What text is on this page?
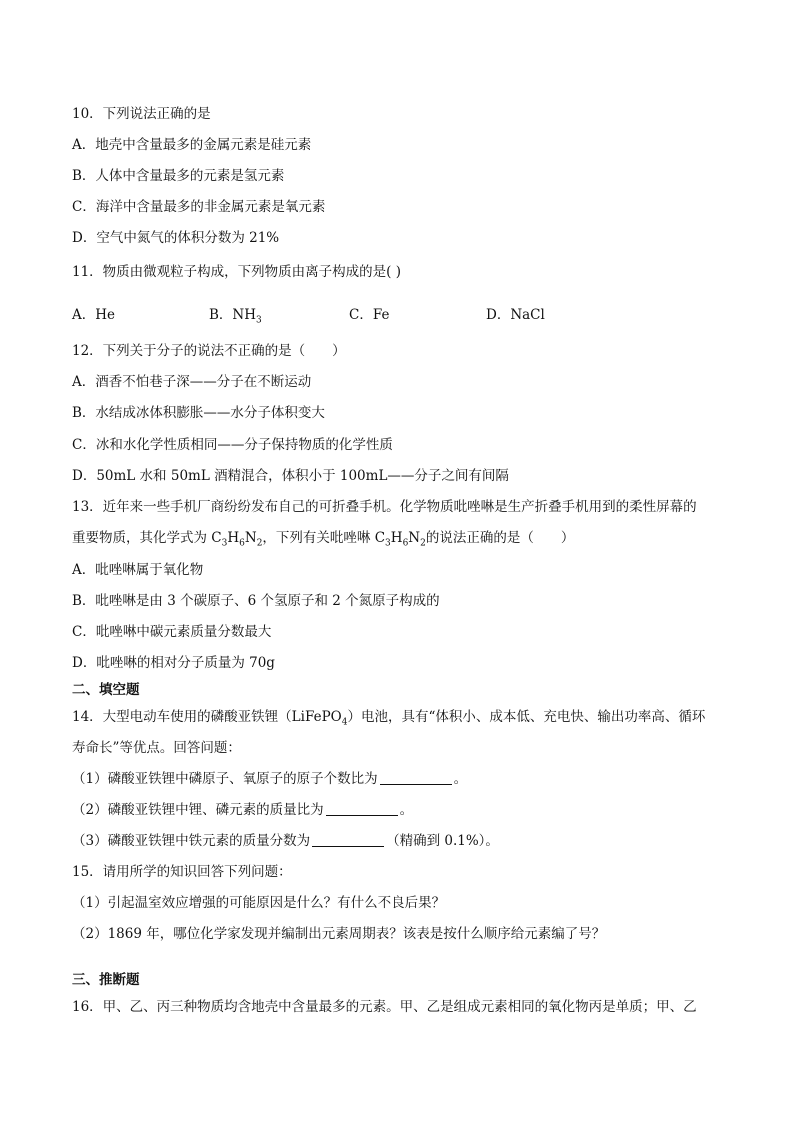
10．下列说法正确的是
A．地壳中含量最多的金属元素是硅元素
B．人体中含量最多的元素是氢元素
C．海洋中含量最多的非金属元素是氧元素
D．空气中氮气的体积分数为 21%
11．物质由微观粒子构成，下列物质由离子构成的是( )
A．He	B．$NH_3$	C．Fe	D．NaCl
12．下列关于分子的说法不正确的是（　　）
A．酒香不怕巷子深——分子在不断运动
B．水结成冰体积膨胀——水分子体积变大
C．冰和水化学性质相同——分子保持物质的化学性质
D．50mL 水和 50mL 酒精混合，体积小于 100mL——分子之间有间隔
13．近年来一些手机厂商纷纷发布自己的可折叠手机。化学物质吡唑啉是生产折叠手机用到的柔性屏幕的
重要物质，其化学式为 $C_3H_6N_2$，下列有关吡唑啉 $C_3H_6N_2$的说法正确的是（　　）
A．吡唑啉属于氧化物
B．吡唑啉是由 3 个碳原子、6 个氢原子和 2 个氮原子构成的
C．吡唑啉中碳元素质量分数最大
D．吡唑啉的相对分子质量为 70g
二、填空题
14．大型电动车使用的磷酸亚铁锂（LiFePO$_4$）电池，具有“体积小、成本低、充电快、输出功率高、循环
寿命长”等优点。回答问题：
（1）磷酸亚铁锂中磷原子、氧原子的原子个数比为	。
（2）磷酸亚铁锂中锂、磷元素的质量比为	。
（3）磷酸亚铁锂中铁元素的质量分数为	（精确到 0.1%）。
15．请用所学的知识回答下列问题：
（1）引起温室效应增强的可能原因是什么？有什么不良后果？
（2）1869 年，哪位化学家发现并编制出元素周期表？该表是按什么顺序给元素编了号？
三、推断题
16．甲、乙、丙三种物质均含地壳中含量最多的元素。甲、乙是组成元素相同的氧化物丙是单质；甲、乙
